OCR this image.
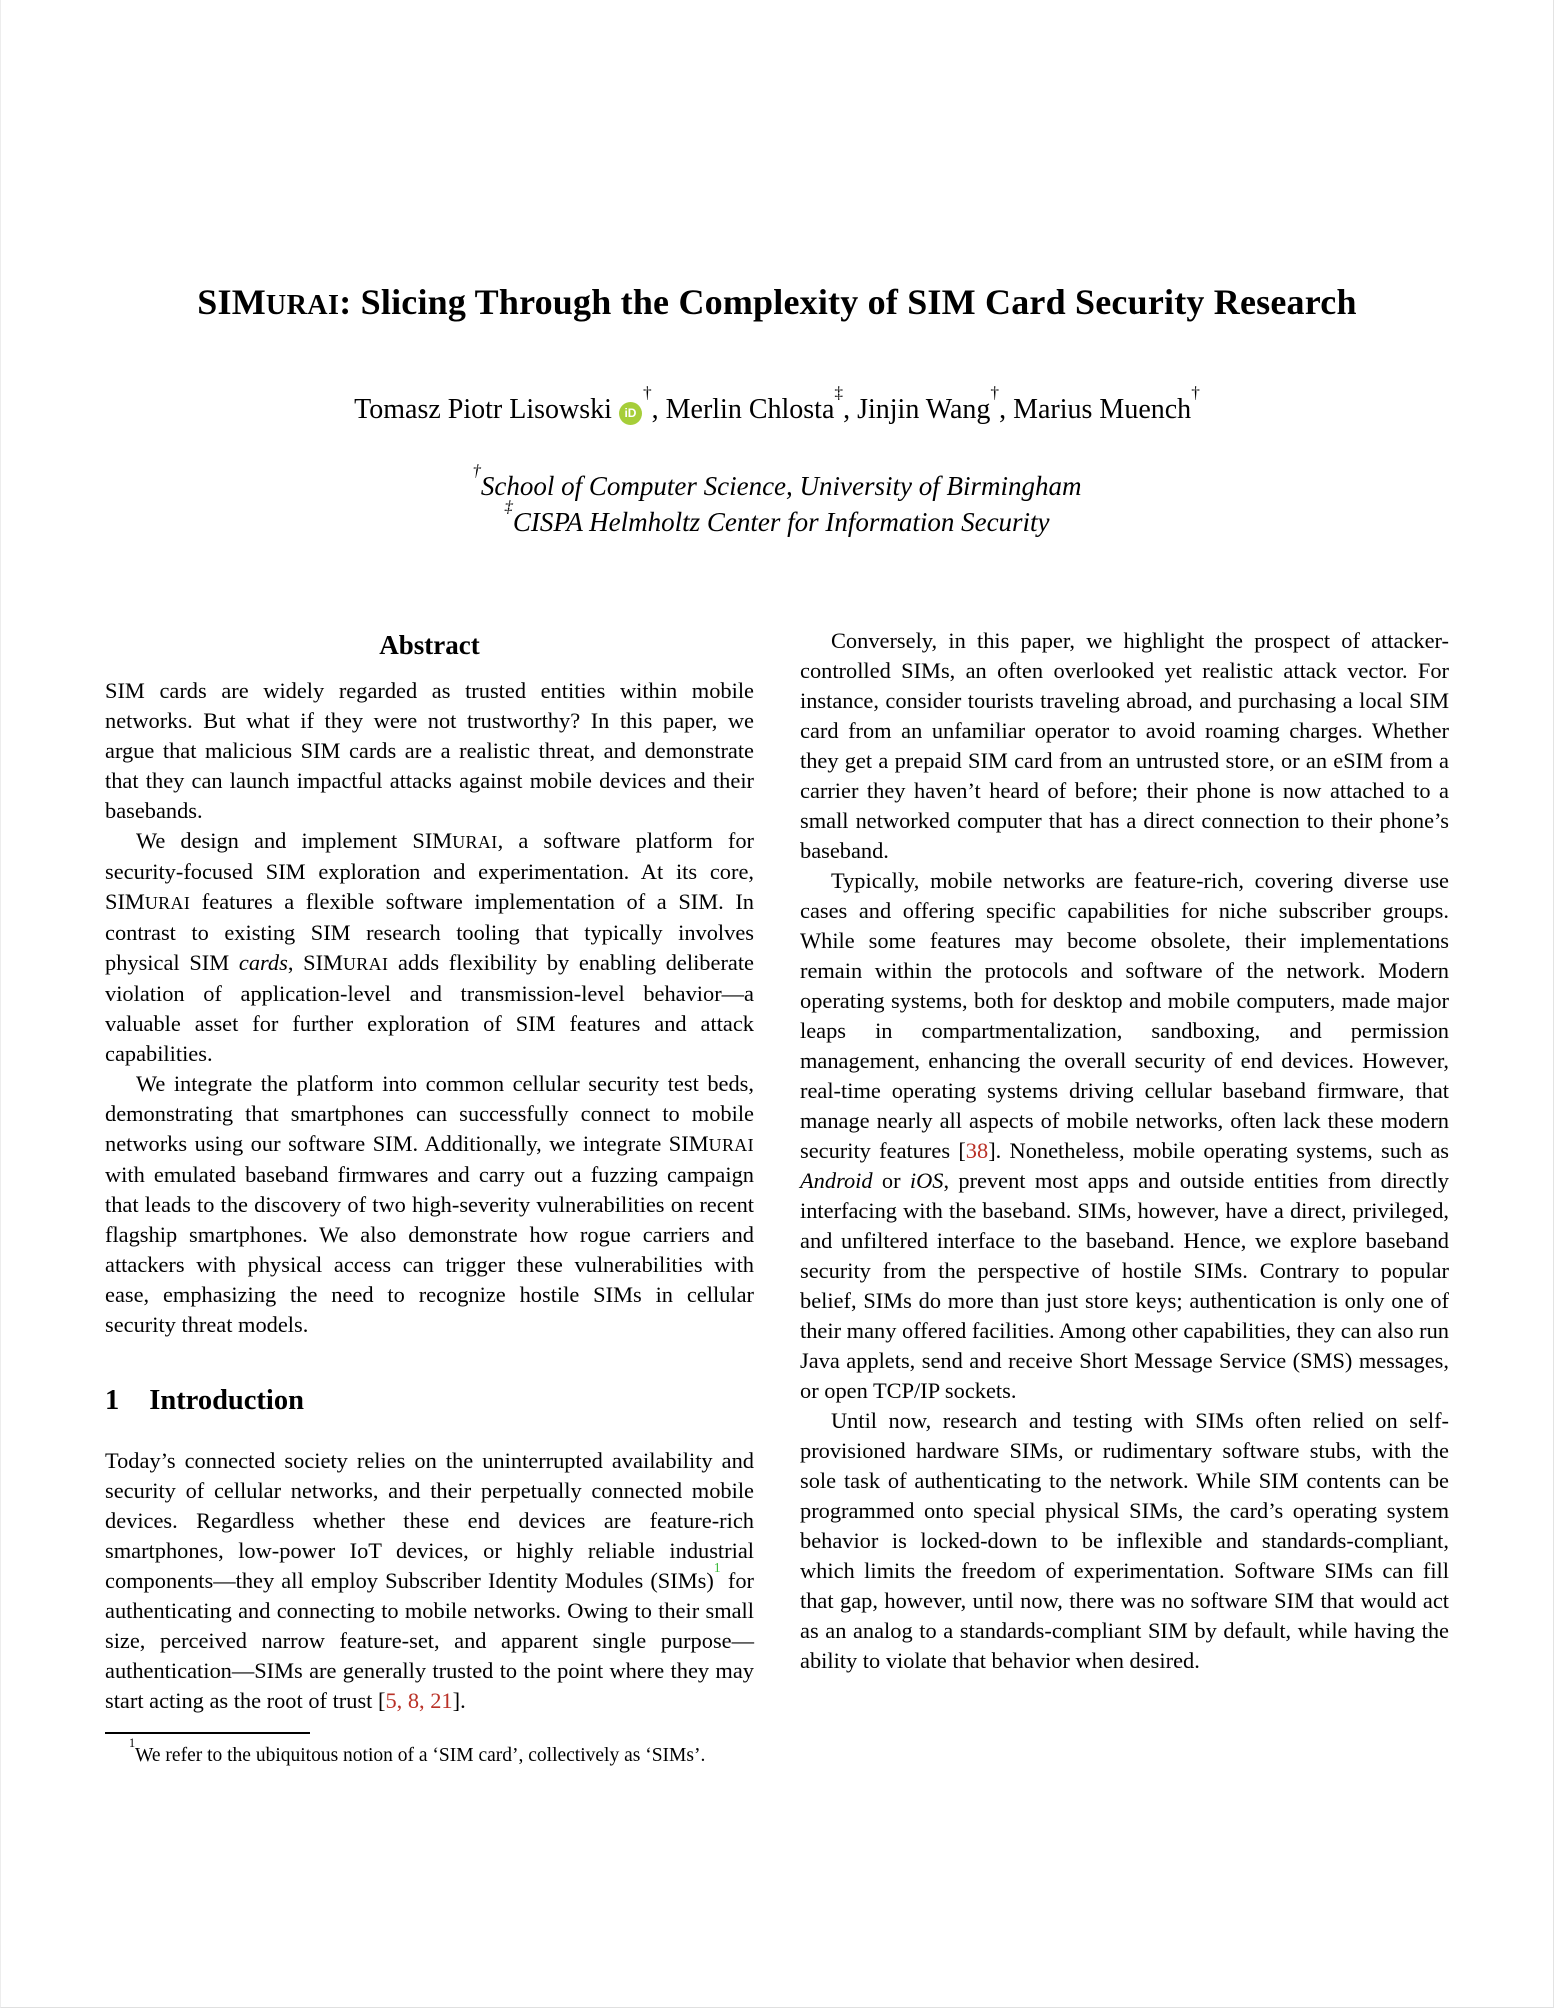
SIMURAI: Slicing Through the Complexity of SIM Card Security Research
Tomasz Piotr Lisowski iD†, Merlin Chlosta‡, Jinjin Wang†, Marius Muench†
†School of Computer Science, University of Birmingham
‡CISPA Helmholtz Center for Information Security
Abstract

SIM cards are widely regarded as trusted entities within mobile networks. But what if they were not trustworthy? In this paper, we argue that malicious SIM cards are a realistic threat, and demonstrate that they can launch impactful attacks against mobile devices and their basebands.

We design and implement SIMURAI, a software platform for security-focused SIM exploration and experimentation. At its core, SIMURAI features a flexible software implementation of a SIM. In contrast to existing SIM research tooling that typically involves physical SIM cards, SIMURAI adds flexibility by enabling deliberate violation of application-level and transmission-level behavior—a valuable asset for further exploration of SIM features and attack capabilities.

We integrate the platform into common cellular security test beds, demonstrating that smartphones can successfully connect to mobile networks using our software SIM. Additionally, we integrate SIMURAI with emulated baseband firmwares and carry out a fuzzing campaign that leads to the discovery of two high-severity vulnerabilities on recent flagship smartphones. We also demonstrate how rogue carriers and attackers with physical access can trigger these vulnerabilities with ease, emphasizing the need to recognize hostile SIMs in cellular security threat models.

1 Introduction

Today’s connected society relies on the uninterrupted availability and security of cellular networks, and their perpetually connected mobile devices. Regardless whether these end devices are feature-rich smartphones, low-power IoT devices, or highly reliable industrial components—they all employ Subscriber Identity Modules (SIMs)$^1$ for authenticating and connecting to mobile networks. Owing to their small size, perceived narrow feature-set, and apparent single purpose—authentication—SIMs are generally trusted to the point where they may start acting as the root of trust [5, 8, 21].

$^1$We refer to the ubiquitous notion of a ‘SIM card’, collectively as ‘SIMs’.

Conversely, in this paper, we highlight the prospect of attacker-controlled SIMs, an often overlooked yet realistic attack vector. For instance, consider tourists traveling abroad, and purchasing a local SIM card from an unfamiliar operator to avoid roaming charges. Whether they get a prepaid SIM card from an untrusted store, or an eSIM from a carrier they haven’t heard of before; their phone is now attached to a small networked computer that has a direct connection to their phone’s baseband.

Typically, mobile networks are feature-rich, covering diverse use cases and offering specific capabilities for niche subscriber groups. While some features may become obsolete, their implementations remain within the protocols and software of the network. Modern operating systems, both for desktop and mobile computers, made major leaps in compartmentalization, sandboxing, and permission management, enhancing the overall security of end devices. However, real-time operating systems driving cellular baseband firmware, that manage nearly all aspects of mobile networks, often lack these modern security features [38]. Nonetheless, mobile operating systems, such as Android or iOS, prevent most apps and outside entities from directly interfacing with the baseband. SIMs, however, have a direct, privileged, and unfiltered interface to the baseband. Hence, we explore baseband security from the perspective of hostile SIMs. Contrary to popular belief, SIMs do more than just store keys; authentication is only one of their many offered facilities. Among other capabilities, they can also run Java applets, send and receive Short Message Service (SMS) messages, or open TCP/IP sockets.

Until now, research and testing with SIMs often relied on self-provisioned hardware SIMs, or rudimentary software stubs, with the sole task of authenticating to the network. While SIM contents can be programmed onto special physical SIMs, the card’s operating system behavior is locked-down to be inflexible and standards-compliant, which limits the freedom of experimentation. Software SIMs can fill that gap, however, until now, there was no software SIM that would act as an analog to a standards-compliant SIM by default, while having the ability to violate that behavior when desired.
